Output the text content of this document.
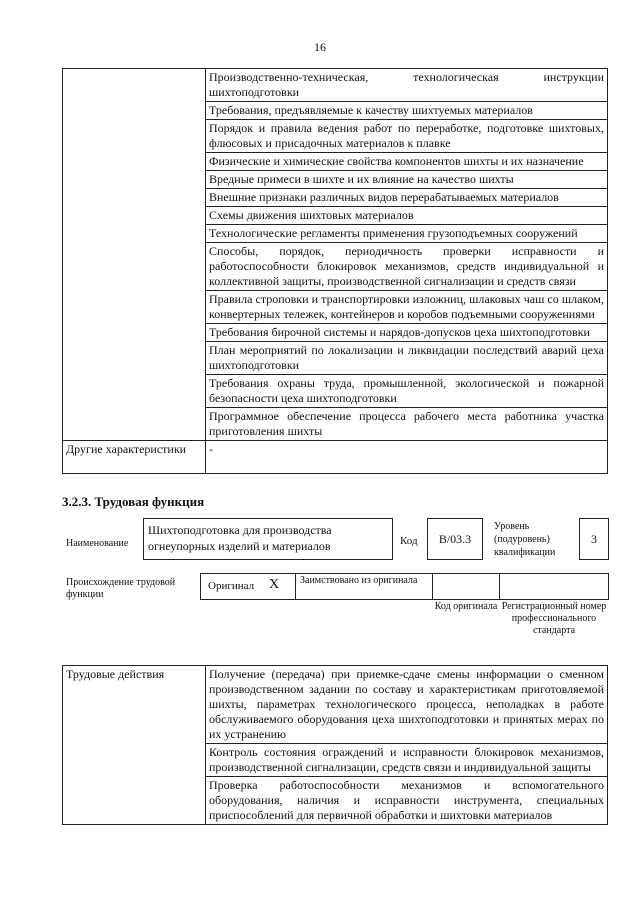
16
	Производственно-техническая, технологическая инструкции шихтоподготовки
	Требования, предъявляемые к качеству шихтуемых материалов
	Порядок и правила ведения работ по переработке, подготовке шихтовых, флюсовых и присадочных материалов к плавке
	Физические и химические свойства компонентов шихты и их назначение
	Вредные примеси в шихте и их влияние на качество шихты
	Внешние признаки различных видов перерабатываемых материалов
	Схемы движения шихтовых материалов
	Технологические регламенты применения грузоподъемных сооружений
	Способы, порядок, периодичность проверки исправности и работоспособности блокировок механизмов, средств индивидуальной и коллективной защиты, производственной сигнализации и средств связи
	Правила строповки и транспортировки изложниц, шлаковых чаш со шлаком, конвертерных тележек, контейнеров и коробов подъемными сооружениями
	Требования бирочной системы и нарядов-допусков цеха шихтоподготовки
	План мероприятий по локализации и ликвидации последствий аварий цеха шихтоподготовки
	Требования охраны труда, промышленной, экологической и пожарной безопасности цеха шихтоподготовки
	Программное обеспечение процесса рабочего места работника участка приготовления шихты
Другие характеристики	-
3.2.3. Трудовая функция
Наименование
Шихтоподготовка для производства огнеупорных изделий и материалов	Код	B/03.3
Уровень (подуровень) квалификации
3
Происхождение трудовой функции
Оригинал X Заимствовано из оригинала
Код оригинала Регистрационный номер профессионального стандарта
Трудовые действия	Получение (передача) при приемке-сдаче смены информации о сменном производственном задании по составу и характеристикам приготовляемой шихты, параметрах технологического процесса, неполадках в работе обслуживаемого оборудования цеха шихтоподготовки и принятых мерах по их устранению
Контроль состояния ограждений и исправности блокировок механизмов, производственной сигнализации, средств связи и индивидуальной защиты
Проверка работоспособности механизмов и вспомогательного оборудования, наличия и исправности инструмента, специальных приспособлений для первичной обработки и шихтовки материалов
